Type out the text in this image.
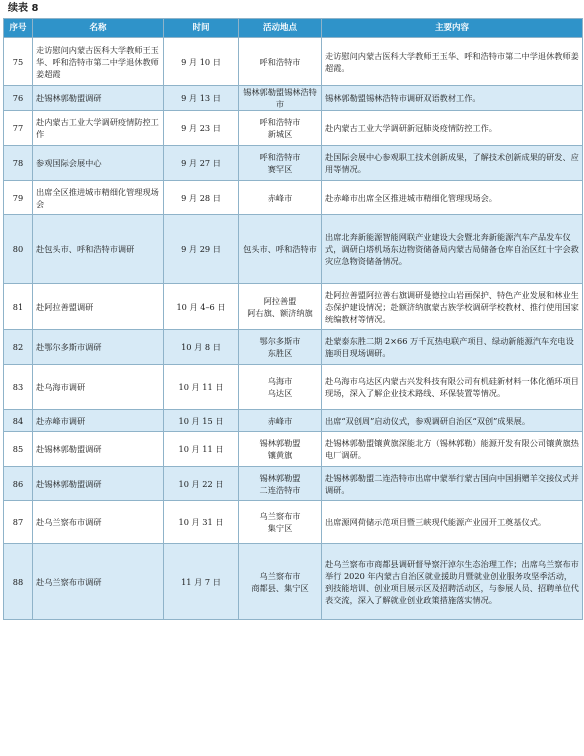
续表 8
序号	名称	时间	活动地点	主要内容

75	走访慰问内蒙古医科大学教师王玉华、呼和浩特市第二中学退休教师姜超霞	9 月 10 日	呼和浩特市	走访慰问内蒙古医科大学教师王玉华、呼和浩特市第二中学退休教师姜超霞。

76	赴锡林郭勒盟调研	9 月 13 日	锡林郭勒盟锡林浩特市	锡林郭勒盟锡林浩特市调研双语教材工作。

77	赴内蒙古工业大学调研疫情防控工作	9 月 23 日	呼和浩特市
新城区	赴内蒙古工业大学调研新冠肺炎疫情防控工作。

78	参观国际会展中心	9 月 27 日	呼和浩特市
赛罕区	赴国际会展中心参观职工技术创新成果，了解技术创新成果的研发、应用等情况。

79	出席全区推进城市精细化管理现场会	9 月 28 日	赤峰市	赴赤峰市出席全区推进城市精细化管理现场会。

80	赴包头市、呼和浩特市调研	9 月 29 日	包头市、呼和浩特市	出席北奔新能源智能网联产业建设大会暨北奔新能源汽车产品发车仪式，调研白塔机场东边物资储备局内蒙古局储备仓库自治区红十字会救灾应急物资储备情况。

81	赴阿拉善盟调研	10 月 4–6 日	阿拉善盟
阿右旗、额济纳旗	赴阿拉善盟阿拉善右旗调研曼德拉山岩画保护、特色产业发展和林业生态保护建设情况；赴额济纳旗蒙古族学校调研学校教材、推行使用国家统编教材等情况。

82	赴鄂尔多斯市调研	10 月 8 日	鄂尔多斯市
东胜区	赴蒙泰东胜二期 2×66 万千瓦热电联产项目、绿动新能源汽车充电设施项目现场调研。

83	赴乌海市调研	10 月 11 日	乌海市
乌达区	赴乌海市乌达区内蒙古兴发科技有限公司有机硅新材料一体化循环项目现场，深入了解企业技术路线、环保装置等情况。

84	赴赤峰市调研	10 月 15 日	赤峰市	出席“双创周”启动仪式，参观调研自治区“双创”成果展。

85	赴锡林郭勒盟调研	10 月 11 日	锡林郭勒盟
镶黄旗	赴锡林郭勒盟镶黄旗深能北方（锡林郭勒）能源开发有限公司镶黄旗热电厂调研。

86	赴锡林郭勒盟调研	10 月 22 日	锡林郭勒盟
二连浩特市	赴锡林郭勒盟二连浩特市出席中蒙举行蒙古国向中国捐赠羊交接仪式并调研。

87	赴乌兰察布市调研	10 月 31 日	乌兰察布市
集宁区	出席源网荷储示范项目暨三峡现代能源产业园开工奠基仪式。

88	赴乌兰察布市调研	11 月 7 日	乌兰察布市
商都县、集宁区	赴乌兰察布市商都县调研督导察汗淖尔生态治理工作；出席乌兰察布市举行 2020 年内蒙古自治区就业援助月暨就业创业服务攻坚季活动，到技能培训、创业项目展示区及招聘活动区，与参展人员、招聘单位代表交流，深入了解就业创业政策措施落实情况。
